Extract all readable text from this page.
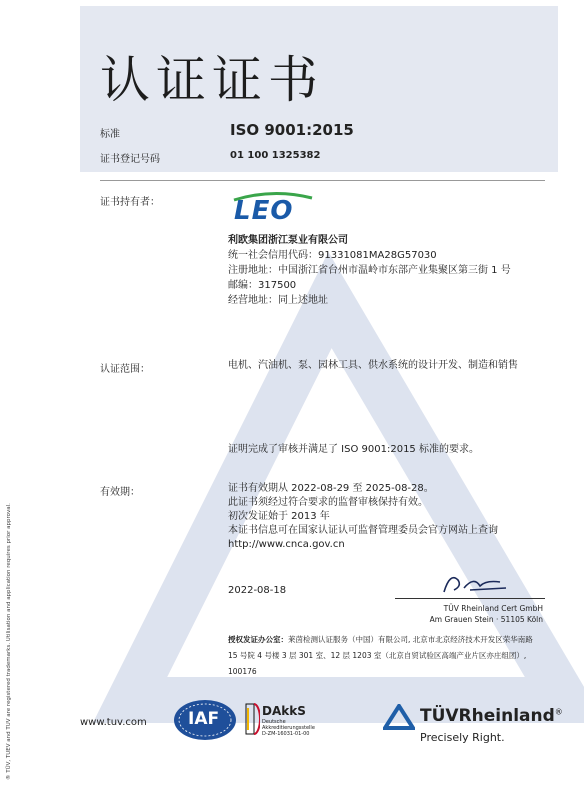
认证证书
标准	ISO 9001:2015
证书登记号码	01 100 1325382
证书持有者：	LEO
利欧集团浙江泵业有限公司
统一社会信用代码：91331081MA28G57030
注册地址：中国浙江省台州市温岭市东部产业集聚区第三街 1 号
邮编：317500
经营地址：同上述地址
认证范围：	电机、汽油机、泵、园林工具、供水系统的设计开发、制造和销售
证明完成了审核并满足了 ISO 9001:2015 标准的要求。
有效期：	证书有效期从 2022-08-29 至 2025-08-28。
此证书须经过符合要求的监督审核保持有效。
初次发证始于 2013 年
本证书信息可在国家认证认可监督管理委员会官方网站上查询
http://www.cnca.gov.cn
2022-08-18
TÜV Rheinland Cert GmbH
Am Grauen Stein · 51105 Köln
授权发证办公室：莱茵检测认证服务（中国）有限公司, 北京市北京经济技术开发区荣华南路
15 号院 4 号楼 3 层 301 室、12 层 1203 室（北京自贸试验区高端产业片区亦庄组团）,
100176
www.tuv.com IAF	DAkkS
Deutsche
Akkreditierungsstelle
D-ZM-16031-01-00
TÜVRheinland®
Precisely Right.
® TÜV, TUEV and TUV are registered trademarks. Utilisation and application requires prior approval.
